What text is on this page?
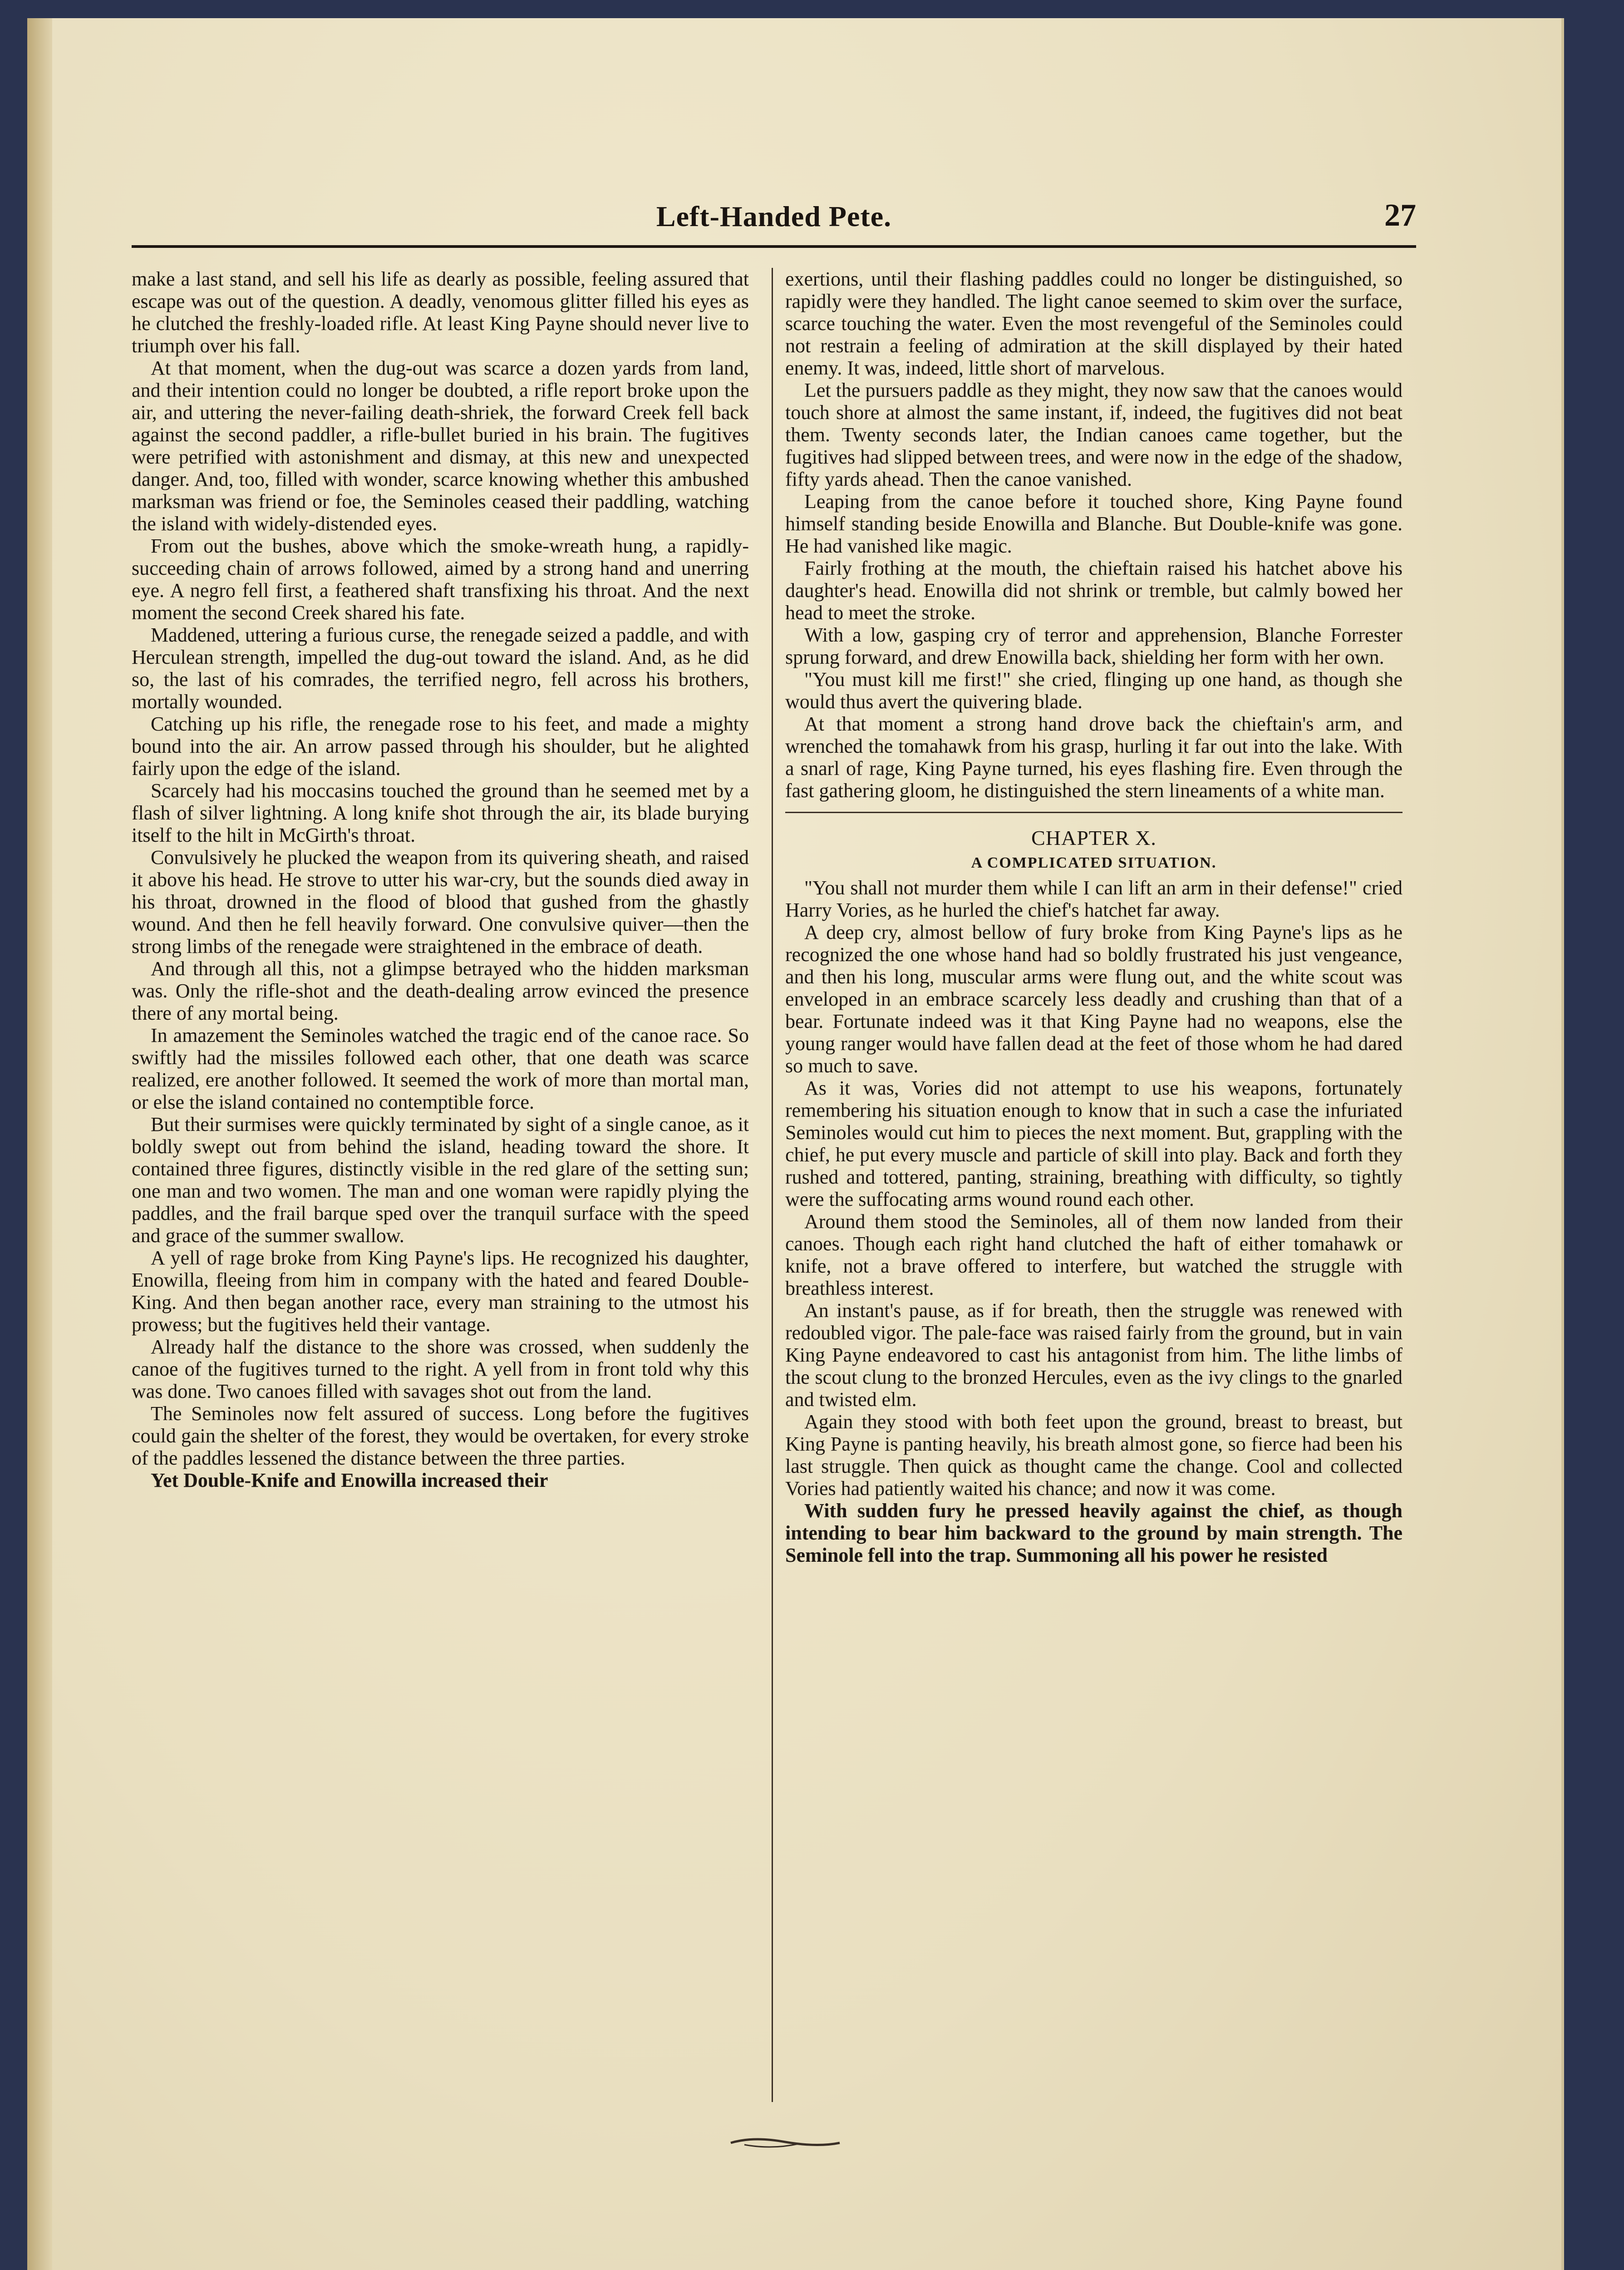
Left-Handed Pete.	27

make a last stand, and sell his life as dearly as possible, feeling assured that escape was out of the question. A deadly, venomous glitter filled his eyes as he clutched the freshly-loaded rifle. At least King Payne should never live to triumph over his fall.

At that moment, when the dug-out was scarce a dozen yards from land, and their intention could no longer be doubted, a rifle report broke upon the air, and uttering the never-failing death-shriek, the forward Creek fell back against the second paddler, a rifle-bullet buried in his brain. The fugitives were petrified with astonishment and dismay, at this new and unexpected danger. And, too, filled with wonder, scarce knowing whether this ambushed marksman was friend or foe, the Seminoles ceased their paddling, watching the island with widely-distended eyes.

From out the bushes, above which the smoke-wreath hung, a rapidly-succeeding chain of arrows followed, aimed by a strong hand and unerring eye. A negro fell first, a feathered shaft transfixing his throat. And the next moment the second Creek shared his fate.

Maddened, uttering a furious curse, the renegade seized a paddle, and with Herculean strength, impelled the dug-out toward the island. And, as he did so, the last of his comrades, the terrified negro, fell across his brothers, mortally wounded.

Catching up his rifle, the renegade rose to his feet, and made a mighty bound into the air. An arrow passed through his shoulder, but he alighted fairly upon the edge of the island.

Scarcely had his moccasins touched the ground than he seemed met by a flash of silver lightning. A long knife shot through the air, its blade burying itself to the hilt in McGirth's throat.

Convulsively he plucked the weapon from its quivering sheath, and raised it above his head. He strove to utter his war-cry, but the sounds died away in his throat, drowned in the flood of blood that gushed from the ghastly wound. And then he fell heavily forward. One convulsive quiver—then the strong limbs of the renegade were straightened in the embrace of death.

And through all this, not a glimpse betrayed who the hidden marksman was. Only the rifle-shot and the death-dealing arrow evinced the presence there of any mortal being.

In amazement the Seminoles watched the tragic end of the canoe race. So swiftly had the missiles followed each other, that one death was scarce realized, ere another followed. It seemed the work of more than mortal man, or else the island contained no contemptible force.

But their surmises were quickly terminated by sight of a single canoe, as it boldly swept out from behind the island, heading toward the shore. It contained three figures, distinctly visible in the red glare of the setting sun; one man and two women. The man and one woman were rapidly plying the paddles, and the frail barque sped over the tranquil surface with the speed and grace of the summer swallow.

A yell of rage broke from King Payne's lips. He recognized his daughter, Enowilla, fleeing from him in company with the hated and feared Double-King. And then began another race, every man straining to the utmost his prowess; but the fugitives held their vantage.

Already half the distance to the shore was crossed, when suddenly the canoe of the fugitives turned to the right. A yell from in front told why this was done. Two canoes filled with savages shot out from the land.

The Seminoles now felt assured of success. Long before the fugitives could gain the shelter of the forest, they would be overtaken, for every stroke of the paddles lessened the distance between the three parties.

Yet Double-Knife and Enowilla increased their

exertions, until their flashing paddles could no longer be distinguished, so rapidly were they handled. The light canoe seemed to skim over the surface, scarce touching the water. Even the most revengeful of the Seminoles could not restrain a feeling of admiration at the skill displayed by their hated enemy. It was, indeed, little short of marvelous.

Let the pursuers paddle as they might, they now saw that the canoes would touch shore at almost the same instant, if, indeed, the fugitives did not beat them. Twenty seconds later, the Indian canoes came together, but the fugitives had slipped between trees, and were now in the edge of the shadow, fifty yards ahead. Then the canoe vanished.

Leaping from the canoe before it touched shore, King Payne found himself standing beside Enowilla and Blanche. But Double-knife was gone. He had vanished like magic.

Fairly frothing at the mouth, the chieftain raised his hatchet above his daughter's head. Enowilla did not shrink or tremble, but calmly bowed her head to meet the stroke.

With a low, gasping cry of terror and apprehension, Blanche Forrester sprung forward, and drew Enowilla back, shielding her form with her own.

"You must kill me first!" she cried, flinging up one hand, as though she would thus avert the quivering blade.

At that moment a strong hand drove back the chieftain's arm, and wrenched the tomahawk from his grasp, hurling it far out into the lake. With a snarl of rage, King Payne turned, his eyes flashing fire. Even through the fast gathering gloom, he distinguished the stern lineaments of a white man.

CHAPTER X.
A COMPLICATED SITUATION.

"You shall not murder them while I can lift an arm in their defense!" cried Harry Vories, as he hurled the chief's hatchet far away.

A deep cry, almost bellow of fury broke from King Payne's lips as he recognized the one whose hand had so boldly frustrated his just vengeance, and then his long, muscular arms were flung out, and the white scout was enveloped in an embrace scarcely less deadly and crushing than that of a bear. Fortunate indeed was it that King Payne had no weapons, else the young ranger would have fallen dead at the feet of those whom he had dared so much to save.

As it was, Vories did not attempt to use his weapons, fortunately remembering his situation enough to know that in such a case the infuriated Seminoles would cut him to pieces the next moment. But, grappling with the chief, he put every muscle and particle of skill into play. Back and forth they rushed and tottered, panting, straining, breathing with difficulty, so tightly were the suffocating arms wound round each other.

Around them stood the Seminoles, all of them now landed from their canoes. Though each right hand clutched the haft of either tomahawk or knife, not a brave offered to interfere, but watched the struggle with breathless interest.

An instant's pause, as if for breath, then the struggle was renewed with redoubled vigor. The pale-face was raised fairly from the ground, but in vain King Payne endeavored to cast his antagonist from him. The lithe limbs of the scout clung to the bronzed Hercules, even as the ivy clings to the gnarled and twisted elm.

Again they stood with both feet upon the ground, breast to breast, but King Payne is panting heavily, his breath almost gone, so fierce had been his last struggle. Then quick as thought came the change. Cool and collected Vories had patiently waited his chance; and now it was come.

With sudden fury he pressed heavily against the chief, as though intending to bear him backward to the ground by main strength. The Seminole fell into the trap. Summoning all his power he resisted
